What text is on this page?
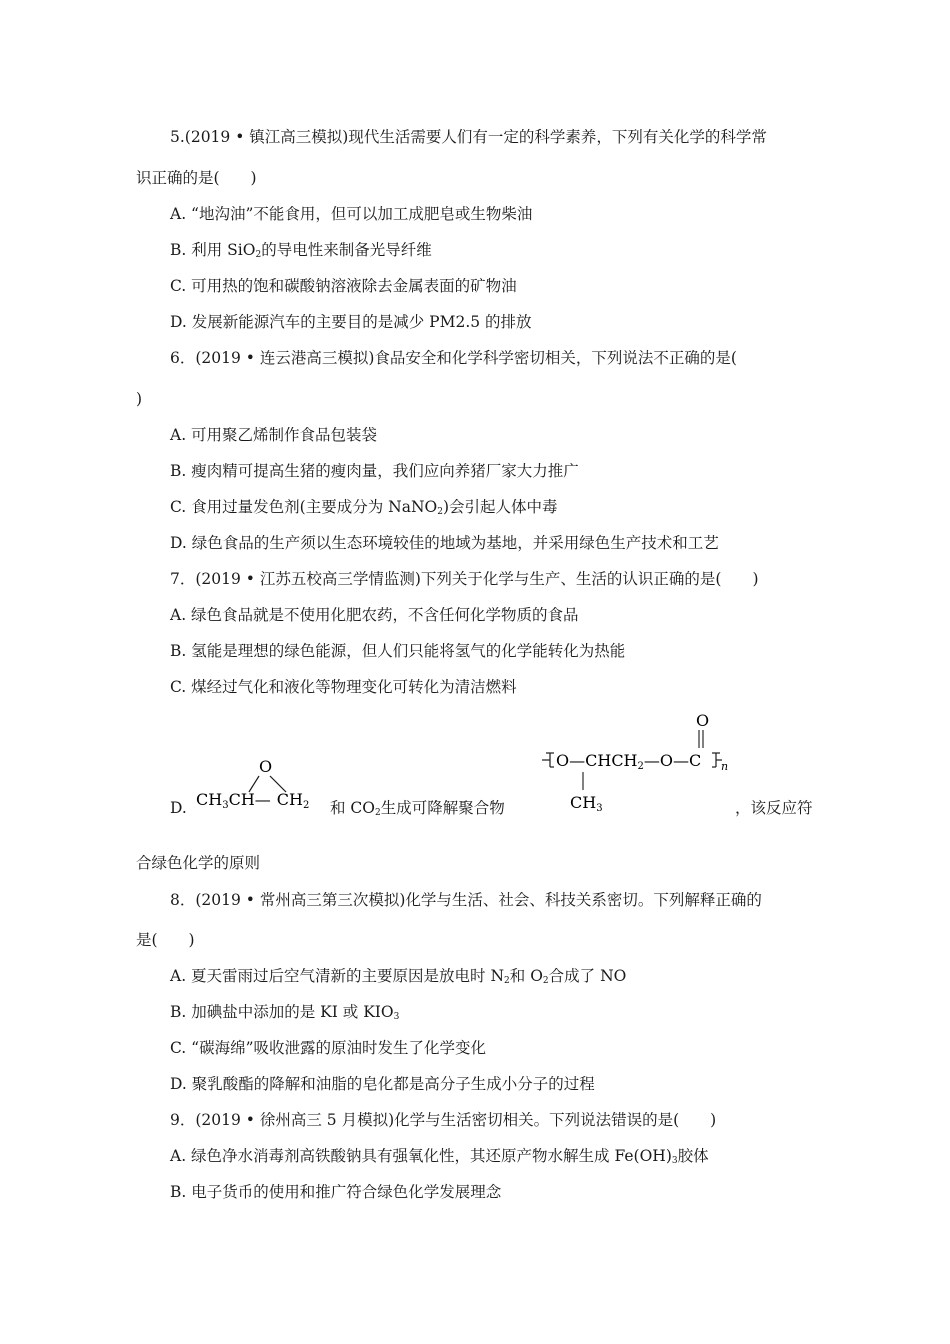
5.(2019 • 镇江高三模拟)现代生活需要人们有一定的科学素养，下列有关化学的科学常
识正确的是(　　)
A. “地沟油”不能食用，但可以加工成肥皂或生物柴油
B. 利用 SiO$_2$的导电性来制备光导纤维
C. 可用热的饱和碳酸钠溶液除去金属表面的矿物油
D. 发展新能源汽车的主要目的是减少 PM2.5 的排放
6．(2019 • 连云港高三模拟)食品安全和化学科学密切相关，下列说法不正确的是(
)
A. 可用聚乙烯制作食品包装袋
B. 瘦肉精可提高生猪的瘦肉量，我们应向养猪厂家大力推广
C. 食用过量发色剂(主要成分为 NaNO$_2$)会引起人体中毒
D. 绿色食品的生产须以生态环境较佳的地域为基地，并采用绿色生产技术和工艺
7．(2019 • 江苏五校高三学情监测)下列关于化学与生产、生活的认识正确的是(　　)
A. 绿色食品就是不使用化肥农药，不含任何化学物质的食品
B. 氢能是理想的绿色能源，但人们只能将氢气的化学能转化为热能
C. 煤经过气化和液化等物理变化可转化为清洁燃料
D.
O
CH3CH— CH2 和 $CO_2$生成可降解聚合物
O
O—CHCH2—O—C n
CH3	，该反应符
合绿色化学的原则
8．(2019 • 常州高三第三次模拟)化学与生活、社会、科技关系密切。下列解释正确的
是(　　)
A. 夏天雷雨过后空气清新的主要原因是放电时 $N_2$和 $O_2$合成了 NO
B. 加碘盐中添加的是 KI 或 $KIO_3$
C. “碳海绵”吸收泄露的原油时发生了化学变化
D. 聚乳酸酯的降解和油脂的皂化都是高分子生成小分子的过程
9．(2019 • 徐州高三 5 月模拟)化学与生活密切相关。下列说法错误的是(　　)
A. 绿色净水消毒剂高铁酸钠具有强氧化性，其还原产物水解生成 $Fe(OH)_3$胶体
B. 电子货币的使用和推广符合绿色化学发展理念
